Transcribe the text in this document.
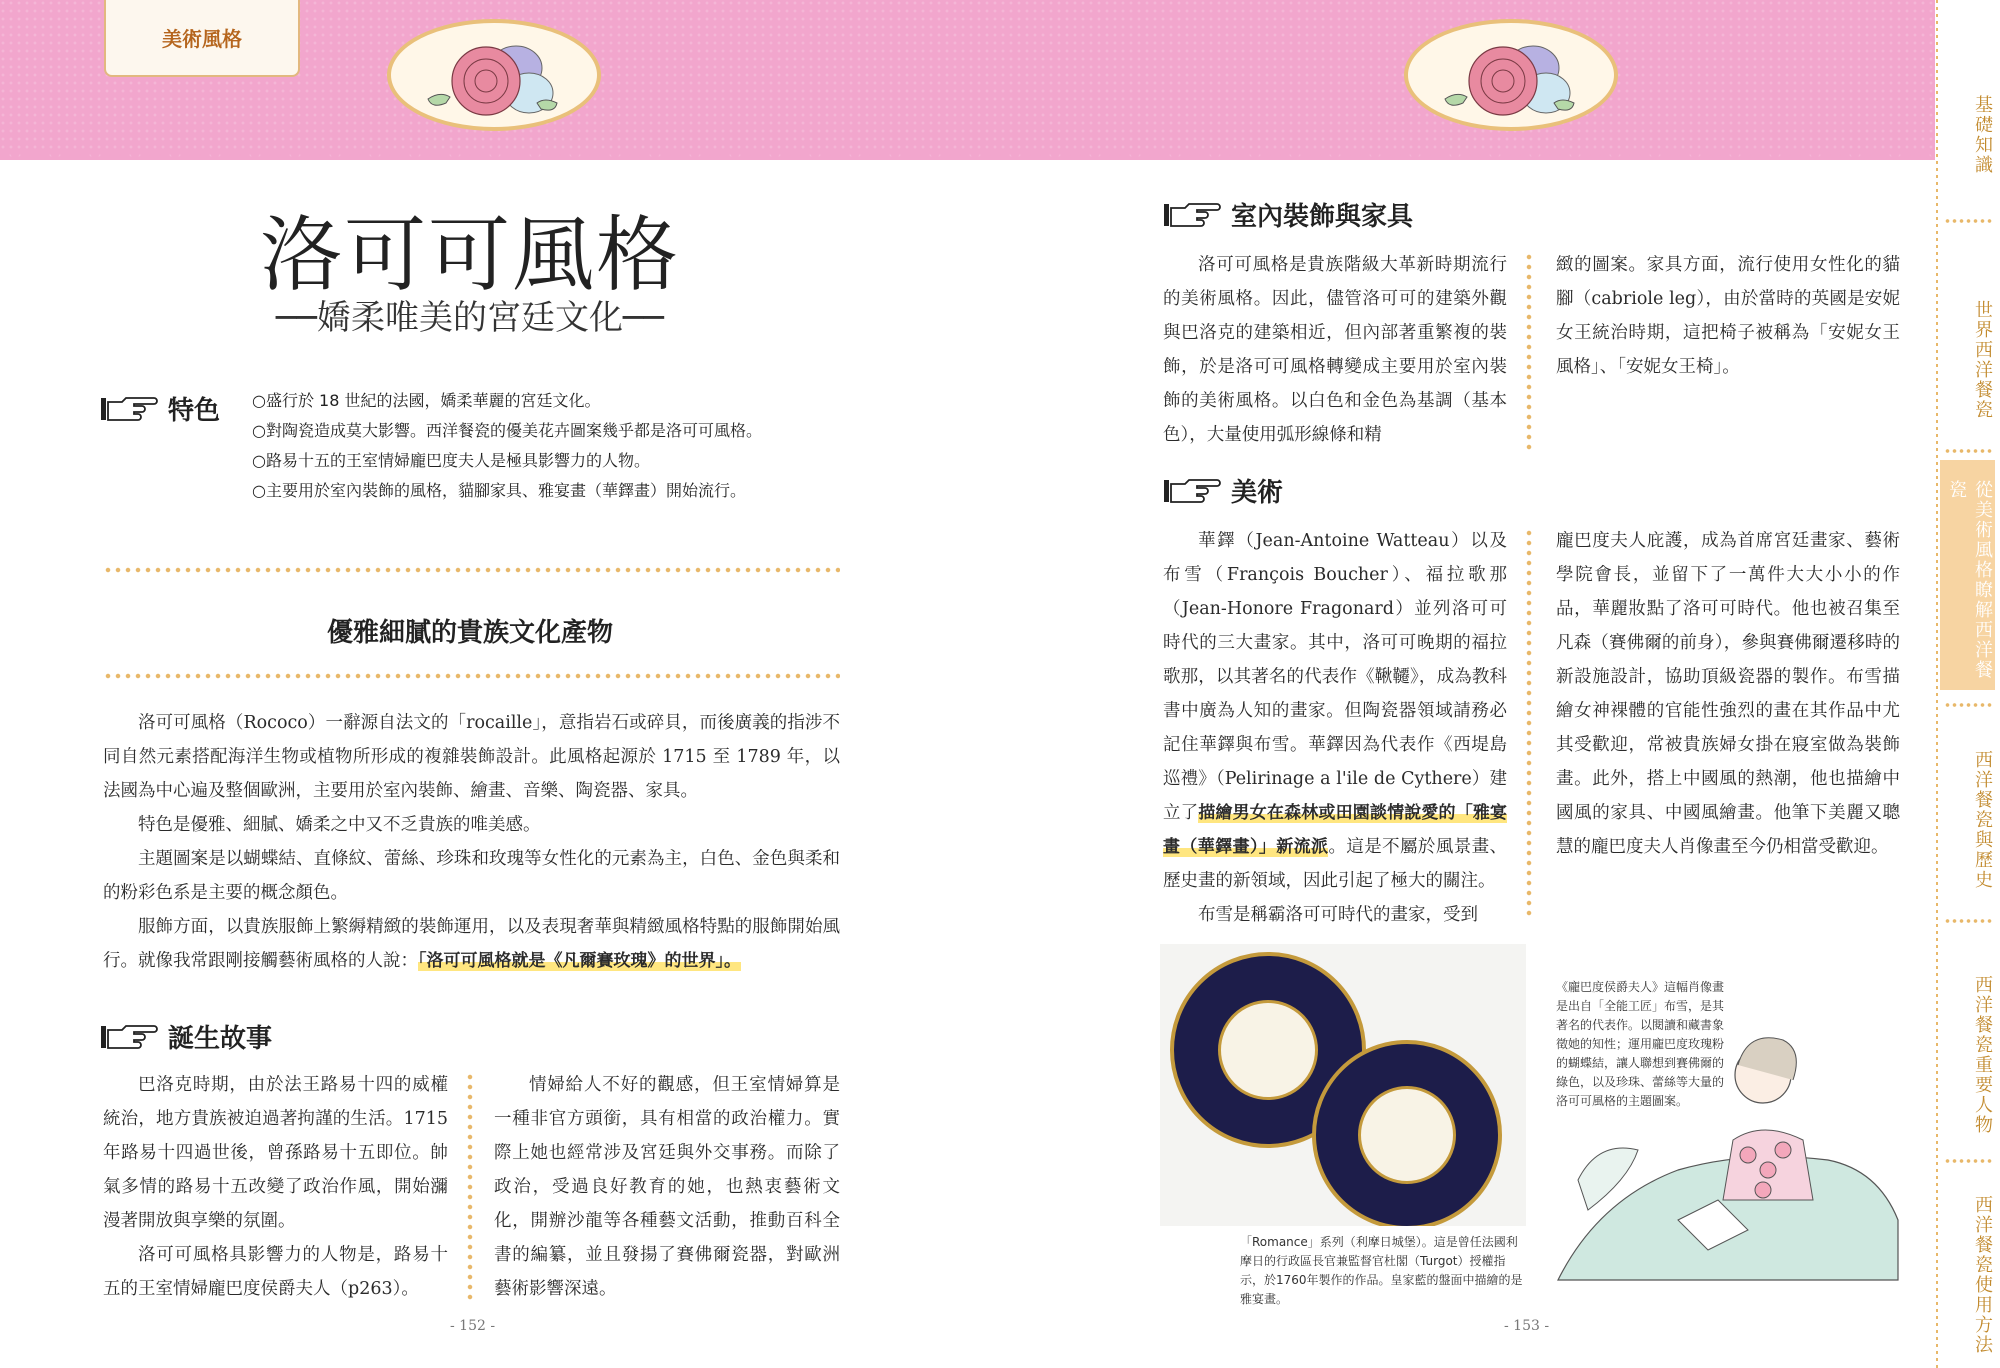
美術風格
基礎知識
世界西洋餐瓷
從美術風格瞭解西洋餐瓷
西洋餐瓷與歷史
西洋餐瓷重要人物
西洋餐瓷使用方法
洛可可風格
──嬌柔唯美的宮廷文化──
特色 ○盛行於 18 世紀的法國，嬌柔華麗的宮廷文化。
○對陶瓷造成莫大影響。西洋餐瓷的優美花卉圖案幾乎都是洛可可風格。
○路易十五的王室情婦龐巴度夫人是極具影響力的人物。
○主要用於室內裝飾的風格，貓腳家具、雅宴畫（華鐸畫）開始流行。
優雅細膩的貴族文化產物

洛可可風格（Rococo）一辭源自法文的「rocaille」，意指岩石或碎貝，而後廣義的指涉不同自然元素搭配海洋生物或植物所形成的複雜裝飾設計。此風格起源於 1715 至 1789 年，以法國為中心遍及整個歐洲，主要用於室內裝飾、繪畫、音樂、陶瓷器、家具。

特色是優雅、細膩、嬌柔之中又不乏貴族的唯美感。

主題圖案是以蝴蝶結、直條紋、蕾絲、珍珠和玫瑰等女性化的元素為主，白色、金色與柔和的粉彩色系是主要的概念顏色。

服飾方面，以貴族服飾上繁縟精緻的裝飾運用，以及表現奢華與精緻風格特點的服飾開始風行。就像我常跟剛接觸藝術風格的人說：「洛可可風格就是《凡爾賽玫瑰》的世界」。

誕生故事

巴洛克時期，由於法王路易十四的威權統治，地方貴族被迫過著拘謹的生活。1715 年路易十四過世後，曾孫路易十五即位。帥氣多情的路易十五改變了政治作風，開始瀰漫著開放與享樂的氛圍。

洛可可風格具影響力的人物是，路易十五的王室情婦龐巴度侯爵夫人（p263）。

情婦給人不好的觀感，但王室情婦算是一種非官方頭銜，具有相當的政治權力。實際上她也經常涉及宮廷與外交事務。而除了政治，受過良好教育的她，也熱衷藝術文化，開辦沙龍等各種藝文活動，推動百科全書的編纂，並且發揚了賽佛爾瓷器，對歐洲藝術影響深遠。

- 152 -
室內裝飾與家具

洛可可風格是貴族階級大革新時期流行的美術風格。因此，儘管洛可可的建築外觀與巴洛克的建築相近，但內部著重繁複的裝飾，於是洛可可風格轉變成主要用於室內裝飾的美術風格。以白色和金色為基調（基本色），大量使用弧形線條和精

緻的圖案。家具方面，流行使用女性化的貓腳（cabriole leg），由於當時的英國是安妮女王統治時期，這把椅子被稱為「安妮女王風格」、「安妮女王椅」。

美術

華鐸（Jean-Antoine Watteau）以及布雪（François Boucher）、福拉歌那（Jean-Honore Fragonard）並列洛可可時代的三大畫家。其中，洛可可晚期的福拉歌那，以其著名的代表作《鞦韆》，成為教科書中廣為人知的畫家。但陶瓷器領域請務必記住華鐸與布雪。華鐸因為代表作《西堤島巡禮》（Pelirinage a l'ile de Cythere）建立了描繪男女在森林或田園談情說愛的「雅宴畫（華鐸畫）」新流派。這是不屬於風景畫、歷史畫的新領域，因此引起了極大的關注。

布雪是稱霸洛可可時代的畫家，受到

龐巴度夫人庇護，成為首席宮廷畫家、藝術學院會長，並留下了一萬件大大小小的作品，華麗妝點了洛可可時代。他也被召集至凡森（賽佛爾的前身），參與賽佛爾遷移時的新設施設計，協助頂級瓷器的製作。布雪描繪女神裸體的官能性強烈的畫在其作品中尤其受歡迎，常被貴族婦女掛在寢室做為裝飾畫。此外，搭上中國風的熱潮，他也描繪中國風的家具、中國風繪畫。他筆下美麗又聰慧的龐巴度夫人肖像畫至今仍相當受歡迎。

「Romance」系列（利摩日城堡）。這是曾任法國利摩日的行政區長官兼監督官杜閣（Turgot）授權指示，於1760年製作的作品。皇家藍的盤面中描繪的是雅宴畫。
《龐巴度侯爵夫人》這幅肖像畫是出自「全能工匠」布雪，是其著名的代表作。以閱讀和藏書象徵她的知性；運用龐巴度玫瑰粉的蝴蝶結，讓人聯想到賽佛爾的綠色，以及珍珠、蕾絲等大量的洛可可風格的主題圖案。
- 153 -
